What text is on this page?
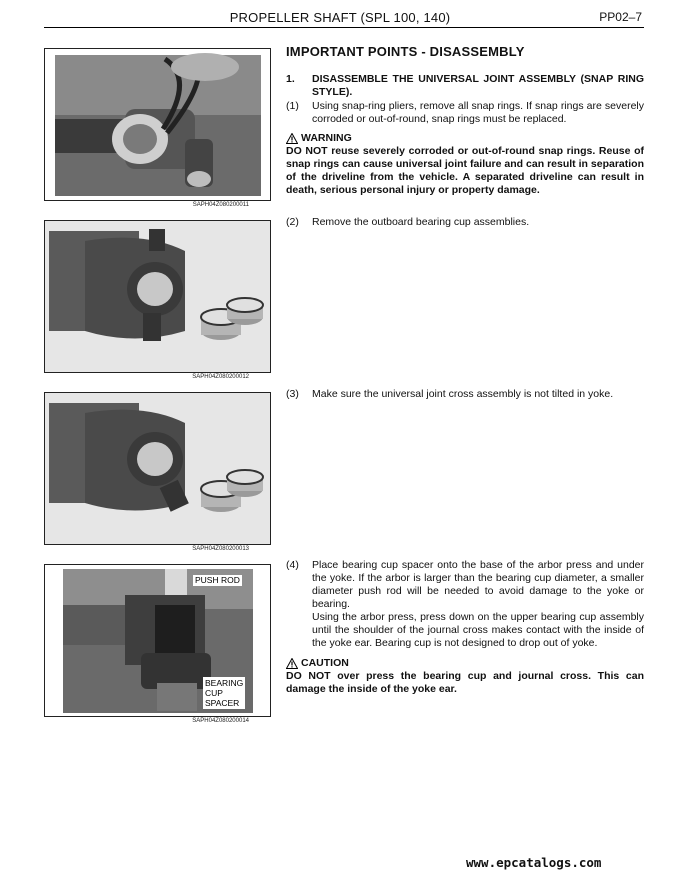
PROPELLER SHAFT (SPL 100, 140)	PP02–7
SAPH04Z080200011
SAPH04Z080200012
SAPH04Z080200013
PUSH ROD
BEARING
CUP
SPACER
SAPH04Z080200014
IMPORTANT POINTS - DISASSEMBLY
1. DISASSEMBLE THE UNIVERSAL JOINT ASSEMBLY (SNAP RING STYLE).
(1) Using snap-ring pliers, remove all snap rings. If snap rings are severely corroded or out-of-round, snap rings must be replaced.
WARNING
DO NOT reuse severely corroded or out-of-round snap rings. Reuse of snap rings can cause universal joint failure and can result in separation of the driveline from the vehicle. A separated driveline can result in death, serious personal injury or property damage.
(2) Remove the outboard bearing cup assemblies.
(3) Make sure the universal joint cross assembly is not tilted in yoke.
(4) Place bearing cup spacer onto the base of the arbor press and under the yoke. If the arbor is larger than the bearing cup diameter, a smaller diameter push rod will be needed to avoid damage to the yoke or bearing.
Using the arbor press, press down on the upper bearing cup assembly until the shoulder of the journal cross makes contact with the inside of the yoke ear. Bearing cup is not designed to drop out of yoke.
CAUTION
DO NOT over press the bearing cup and journal cross. This can damage the inside of the yoke ear.
www.epcatalogs.com
